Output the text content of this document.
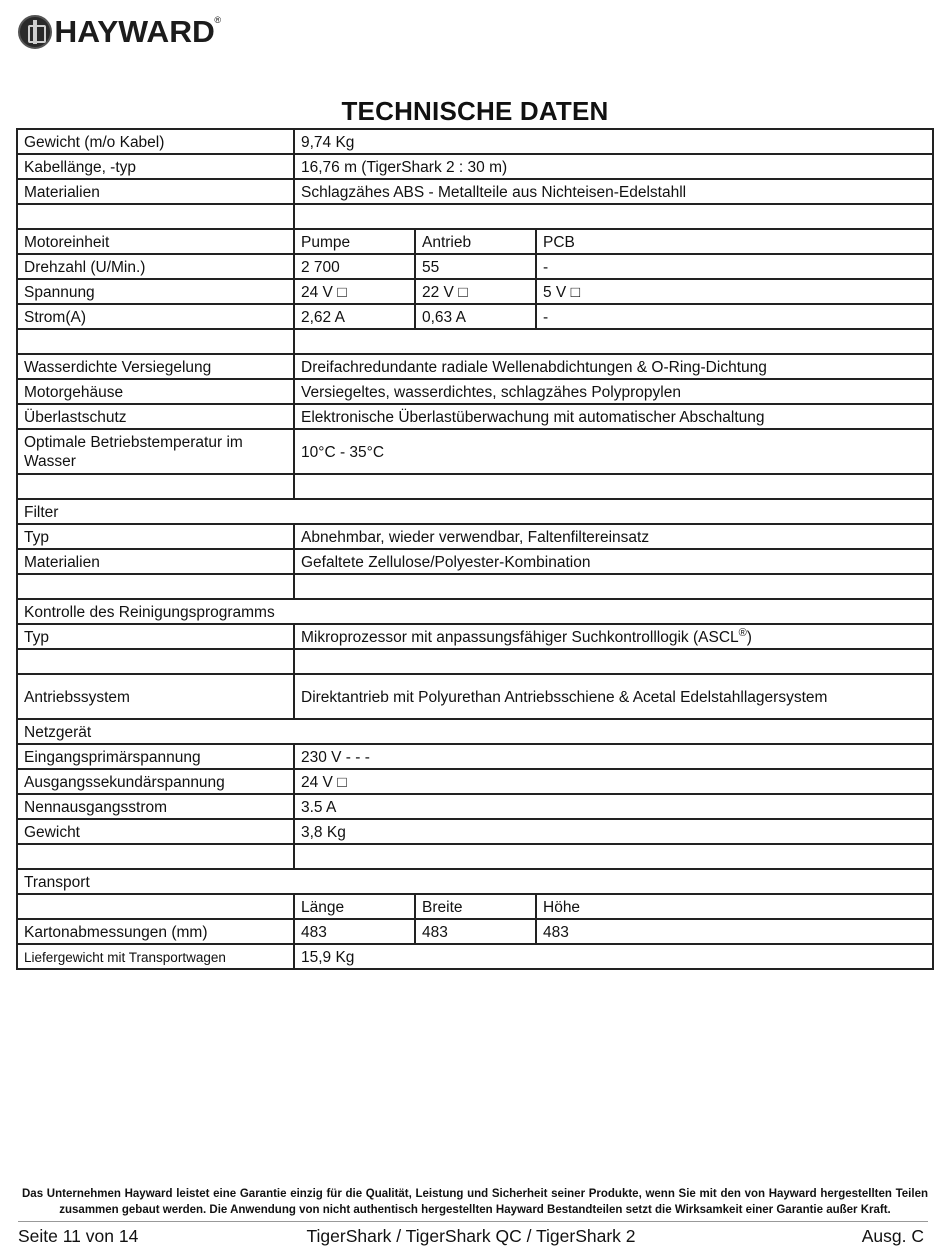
HAYWARD ®
TECHNISCHE DATEN
Gewicht (m/o Kabel)	9,74 Kg		
Kabellänge, -typ	16,76 m (TigerShark 2 : 30 m)		
Materialien	Schlagzähes ABS - Metallteile aus Nichteisen-Edelstahll		

Motoreinheit	Pumpe	Antrieb	PCB
Drehzahl (U/Min.)	2 700	55	-
Spannung	24 V □	22 V □	5 V □
Strom(A)	2,62 A	0,63 A	-

Wasserdichte Versiegelung	Dreifachredundante radiale Wellenabdichtungen & O-Ring-Dichtung		
Motorgehäuse	Versiegeltes, wasserdichtes, schlagzähes Polypropylen		
Überlastschutz	Elektronische Überlastüberwachung mit automatischer Abschaltung		
Optimale Betriebstemperatur im Wasser	10°C - 35°C		

Filter			
Typ	Abnehmbar, wieder verwendbar, Faltenfiltereinsatz		
Materialien	Gefaltete Zellulose/Polyester-Kombination		

Kontrolle des Reinigungsprogramms			
Typ	Mikroprozessor mit anpassungsfähiger Suchkontrolllogik (ASCL®)		

Antriebssystem	Direktantrieb mit Polyurethan Antriebsschiene & Acetal Edelstahllagersystem		
Netzgerät			
Eingangsprimärspannung	230 V ‐ ‐ ‐		
Ausgangssekundärspannung	24 V □		
Nennausgangsstrom	3.5 A		
Gewicht	3,8 Kg		

Transport			
	Länge	Breite	Höhe
Kartonabmessungen (mm)	483	483	483
Liefergewicht mit Transportwagen	15,9 Kg		
Das Unternehmen Hayward leistet eine Garantie einzig für die Qualität, Leistung und Sicherheit seiner Produkte, wenn Sie mit den von Hayward hergestellten Teilen zusammen gebaut werden. Die Anwendung von nicht authentisch hergestellten Hayward Bestandteilen setzt die Wirksamkeit einer Garantie außer Kraft.
Seite 11 von 14	TigerShark / TigerShark QC / TigerShark 2	Ausg. C
